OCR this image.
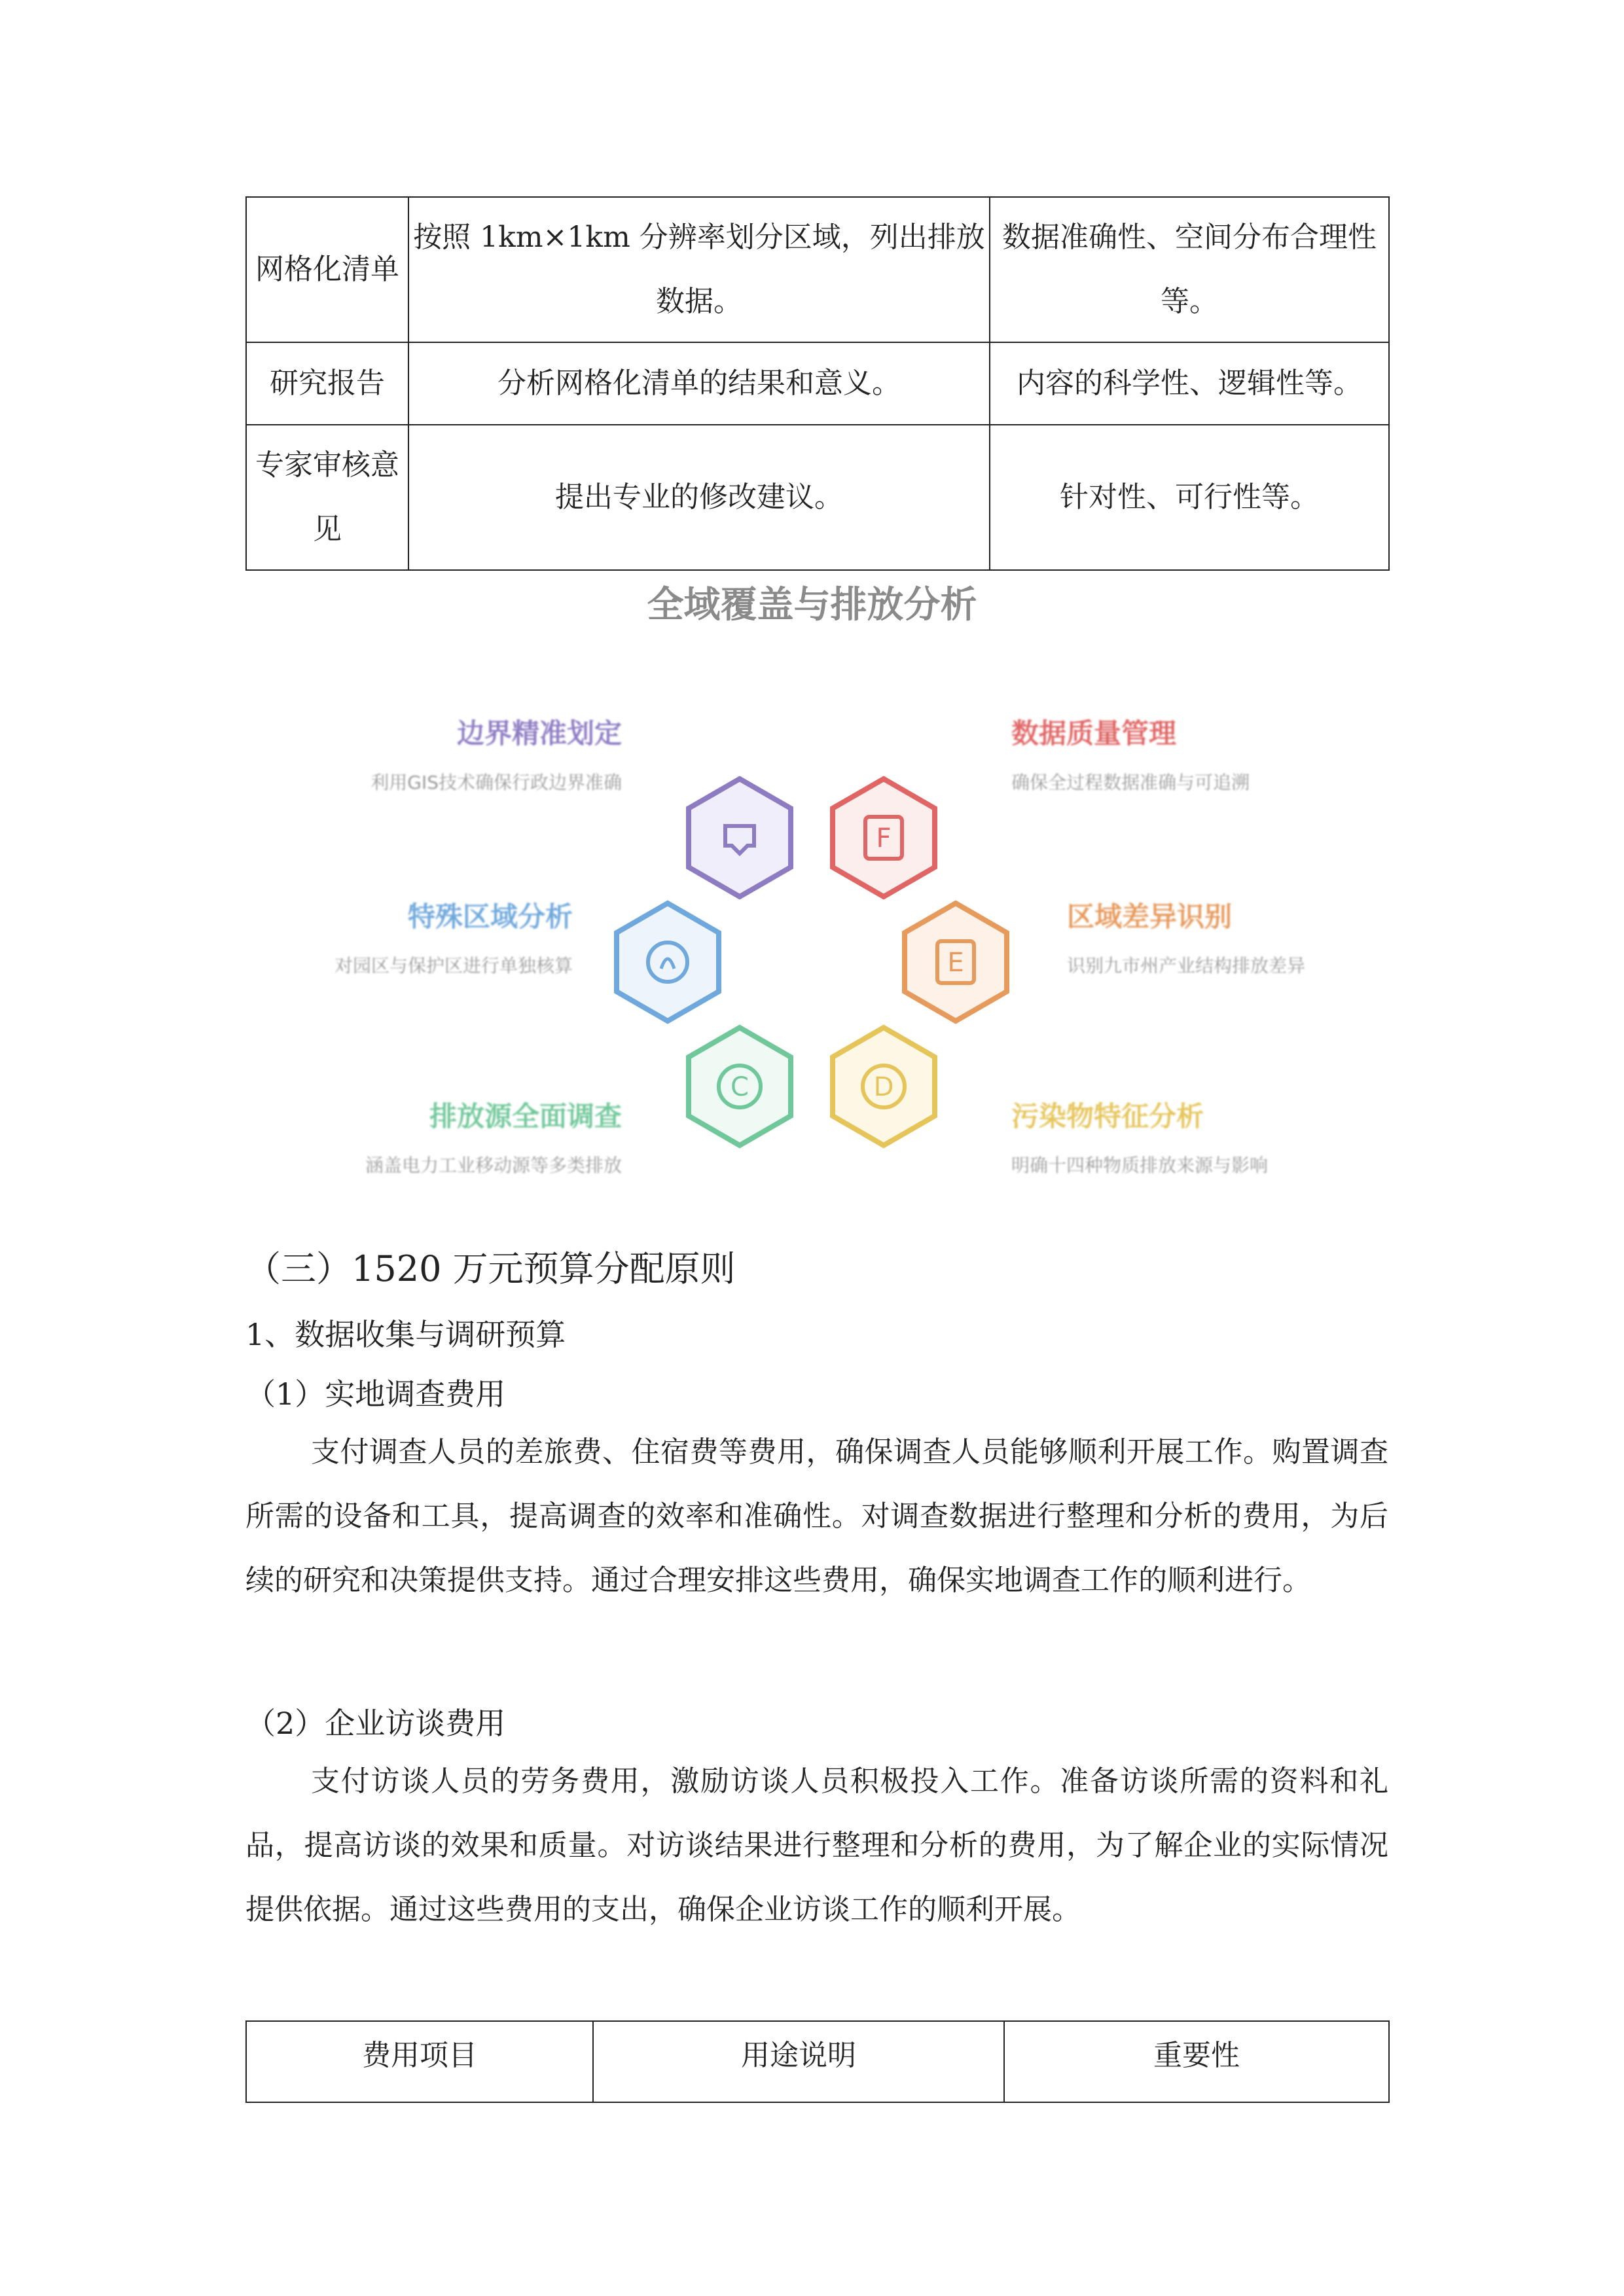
网格化清单	按照 1km×1km 分辨率划分区域，列出排放数据。	数据准确性、空间分布合理性等。
研究报告	分析网格化清单的结果和意义。	内容的科学性、逻辑性等。
专家审核意见	提出专业的修改建议。	针对性、可行性等。
全域覆盖与排放分析
F
E
C	D
边界精准划定
利用GIS技术确保行政边界准确
数据质量管理
确保全过程数据准确与可追溯
特殊区域分析
对园区与保护区进行单独核算
区域差异识别
识别九市州产业结构排放差异
排放源全面调查
涵盖电力工业移动源等多类排放
污染物特征分析
明确十四种物质排放来源与影响
（三）1520 万元预算分配原则
1、数据收集与调研预算
（1）实地调查费用
支付调查人员的差旅费、住宿费等费用，确保调查人员能够顺利开展工作。购置调查所需的设备和工具，提高调查的效率和准确性。对调查数据进行整理和分析的费用，为后续的研究和决策提供支持。通过合理安排这些费用，确保实地调查工作的顺利进行。
（2）企业访谈费用
支付访谈人员的劳务费用，激励访谈人员积极投入工作。准备访谈所需的资料和礼品，提高访谈的效果和质量。对访谈结果进行整理和分析的费用，为了解企业的实际情况提供依据。通过这些费用的支出，确保企业访谈工作的顺利开展。
费用项目	用途说明	重要性
